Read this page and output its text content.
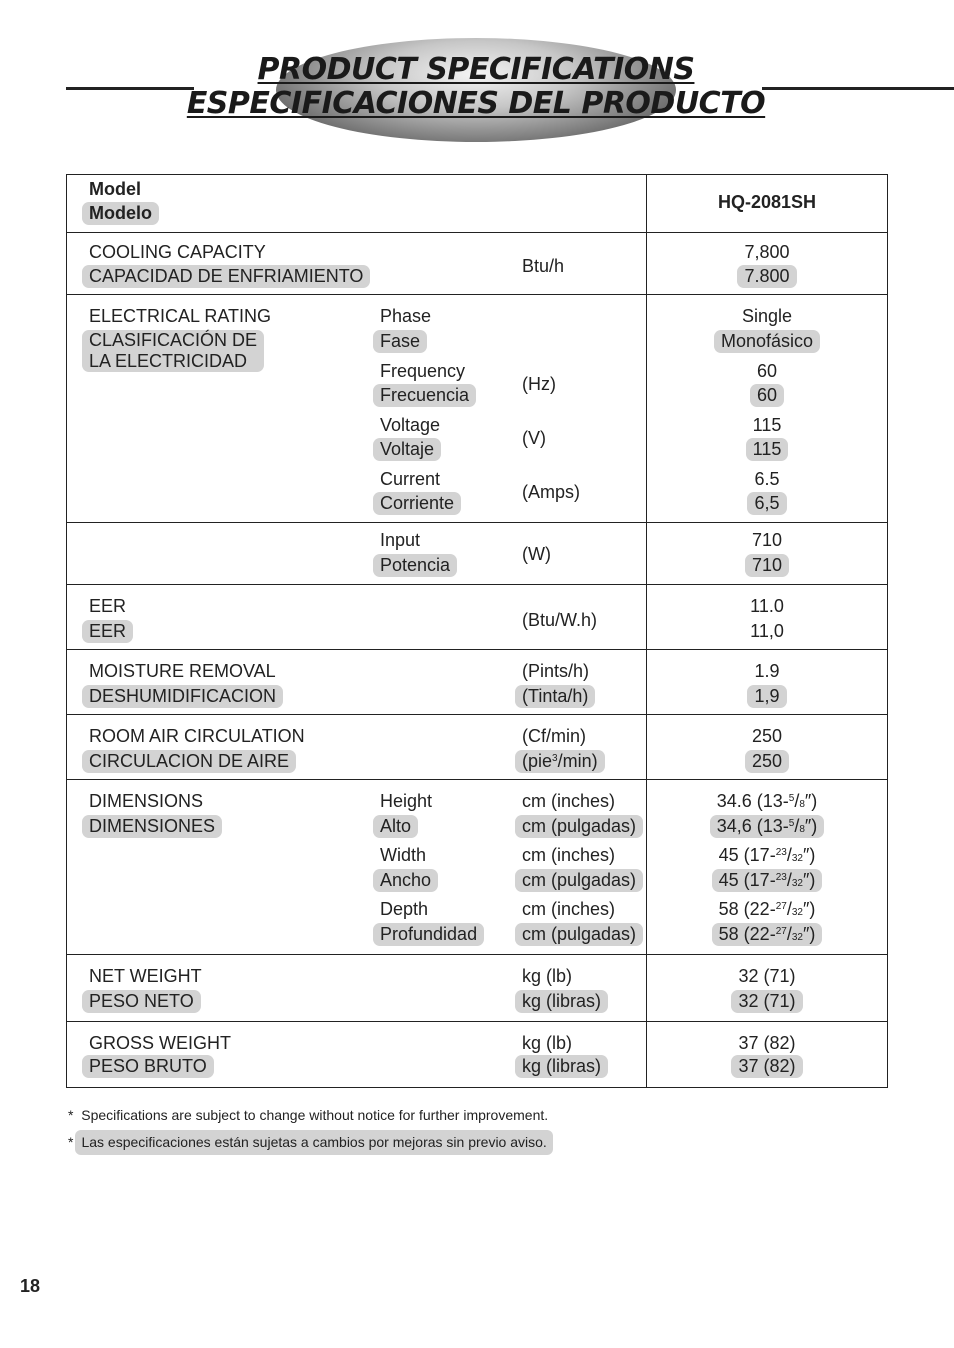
PRODUCT SPECIFICATIONS
ESPECIFICACIONES DEL PRODUCTO
Model
Modelo
HQ-2081SH
COOLING CAPACITY
CAPACIDAD DE ENFRIAMIENTO	Btu/h
7,800
7.800
ELECTRICAL RATING
CLASIFICACIÓN DE
LA ELECTRICIDAD
Phase
Fase
Single
Monofásico
Frequency
Frecuencia
(Hz)
60
60
Voltage
Voltaje
(V)
115
115
Current
Corriente
(Amps)
6.5
6,5
Input
Potencia
(W)
710
710
EER
EER
(Btu/W.h)
11.0
11,0
MOISTURE REMOVAL
DESHUMIDIFICACION
(Pints/h)
(Tinta/h)
1.9
1,9
ROOM AIR CIRCULATION
CIRCULACION DE AIRE
(Cf/min)
(pie$^3$/min)
250
250
DIMENSIONS
DIMENSIONES
Height
Alto
cm (inches)
cm (pulgadas)
34.6 (13-$^5$/8″)
34,6 (13-$^5$/8″)
Width
Ancho
cm (inches)
cm (pulgadas)
45 (17-$^{23}$/32″)
45 (17-$^{23}$/32″)
Depth
Profundidad
cm (inches)
cm (pulgadas)
58 (22-$^{27}$/32″)
58 (22-$^{27}$/32″)
NET WEIGHT
PESO NETO
kg (lb)
kg (libras)
32 (71)
32 (71)
GROSS WEIGHT
PESO BRUTO
kg (lb)
kg (libras)
37 (82)
37 (82)
* Specifications are subject to change without notice for further improvement.
* Las especificaciones están sujetas a cambios por mejoras sin previo aviso.
18
